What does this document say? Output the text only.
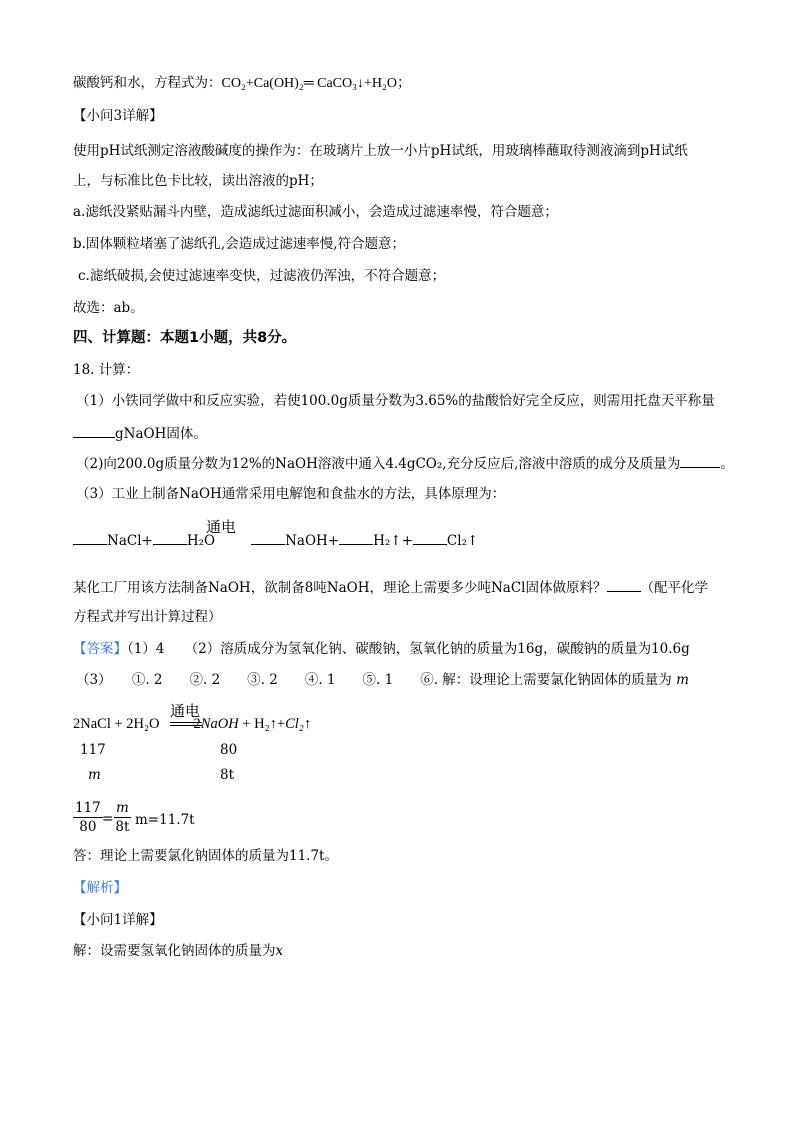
碳酸钙和水，方程式为：CO₂+Ca(OH)₂═ CaCO₃↓+H₂O；
【小问3详解】
使用pH试纸测定溶液酸碱度的操作为：在玻璃片上放一小片pH试纸，用玻璃棒蘸取待测液滴到pH试纸
上，与标准比色卡比较，读出溶液的pH；
a.滤纸没紧贴漏斗内壁，造成滤纸过滤面积减小，会造成过滤速率慢，符合题意；
b.固体颗粒堵塞了滤纸孔,会造成过滤速率慢,符合题意；
c.滤纸破损,会使过滤速率变快，过滤液仍浑浊，不符合题意；
故选：ab。
四、计算题：本题1小题，共8分。
18. 计算：
（1）小铁同学做中和反应实验，若使100.0g质量分数为3.65%的盐酸恰好完全反应，则需用托盘天平称量
gNaOH固体。
（2)向200.0g质量分数为12%的NaOH溶液中通入4.4gCO₂,充分反应后,溶液中溶质的成分及质量为	。
（3）工业上制备NaOH通常采用电解饱和食盐水的方法，具体原理为：
通电
NaCl+	H₂O	NaOH+	H₂↑+	Cl₂↑
某化工厂用该方法制备NaOH，欲制备8吨NaOH，理论上需要多少吨NaCl固体做原料？	（配平化学
方程式并写出计算过程）
【答案】（1）4　　（2）溶质成分为氢氧化钠、碳酸钠，氢氧化钠的质量为16g，碳酸钠的质量为10.6g
（3）　　①. 2　　②. 2　　③. 2　　④. 1　　⑤. 1　　⑥. 解：设理论上需要氯化钠固体的质量为 m
通电
2NaCl + 2H₂O 2NaOH + H₂↑+Cl₂↑
117	80
m	8t
$\frac{117}{80} = \frac{m}{8t} m=11.7t$
答：理论上需要氯化钠固体的质量为11.7t。
【解析】
【小问1详解】
解：设需要氢氧化钠固体的质量为x
